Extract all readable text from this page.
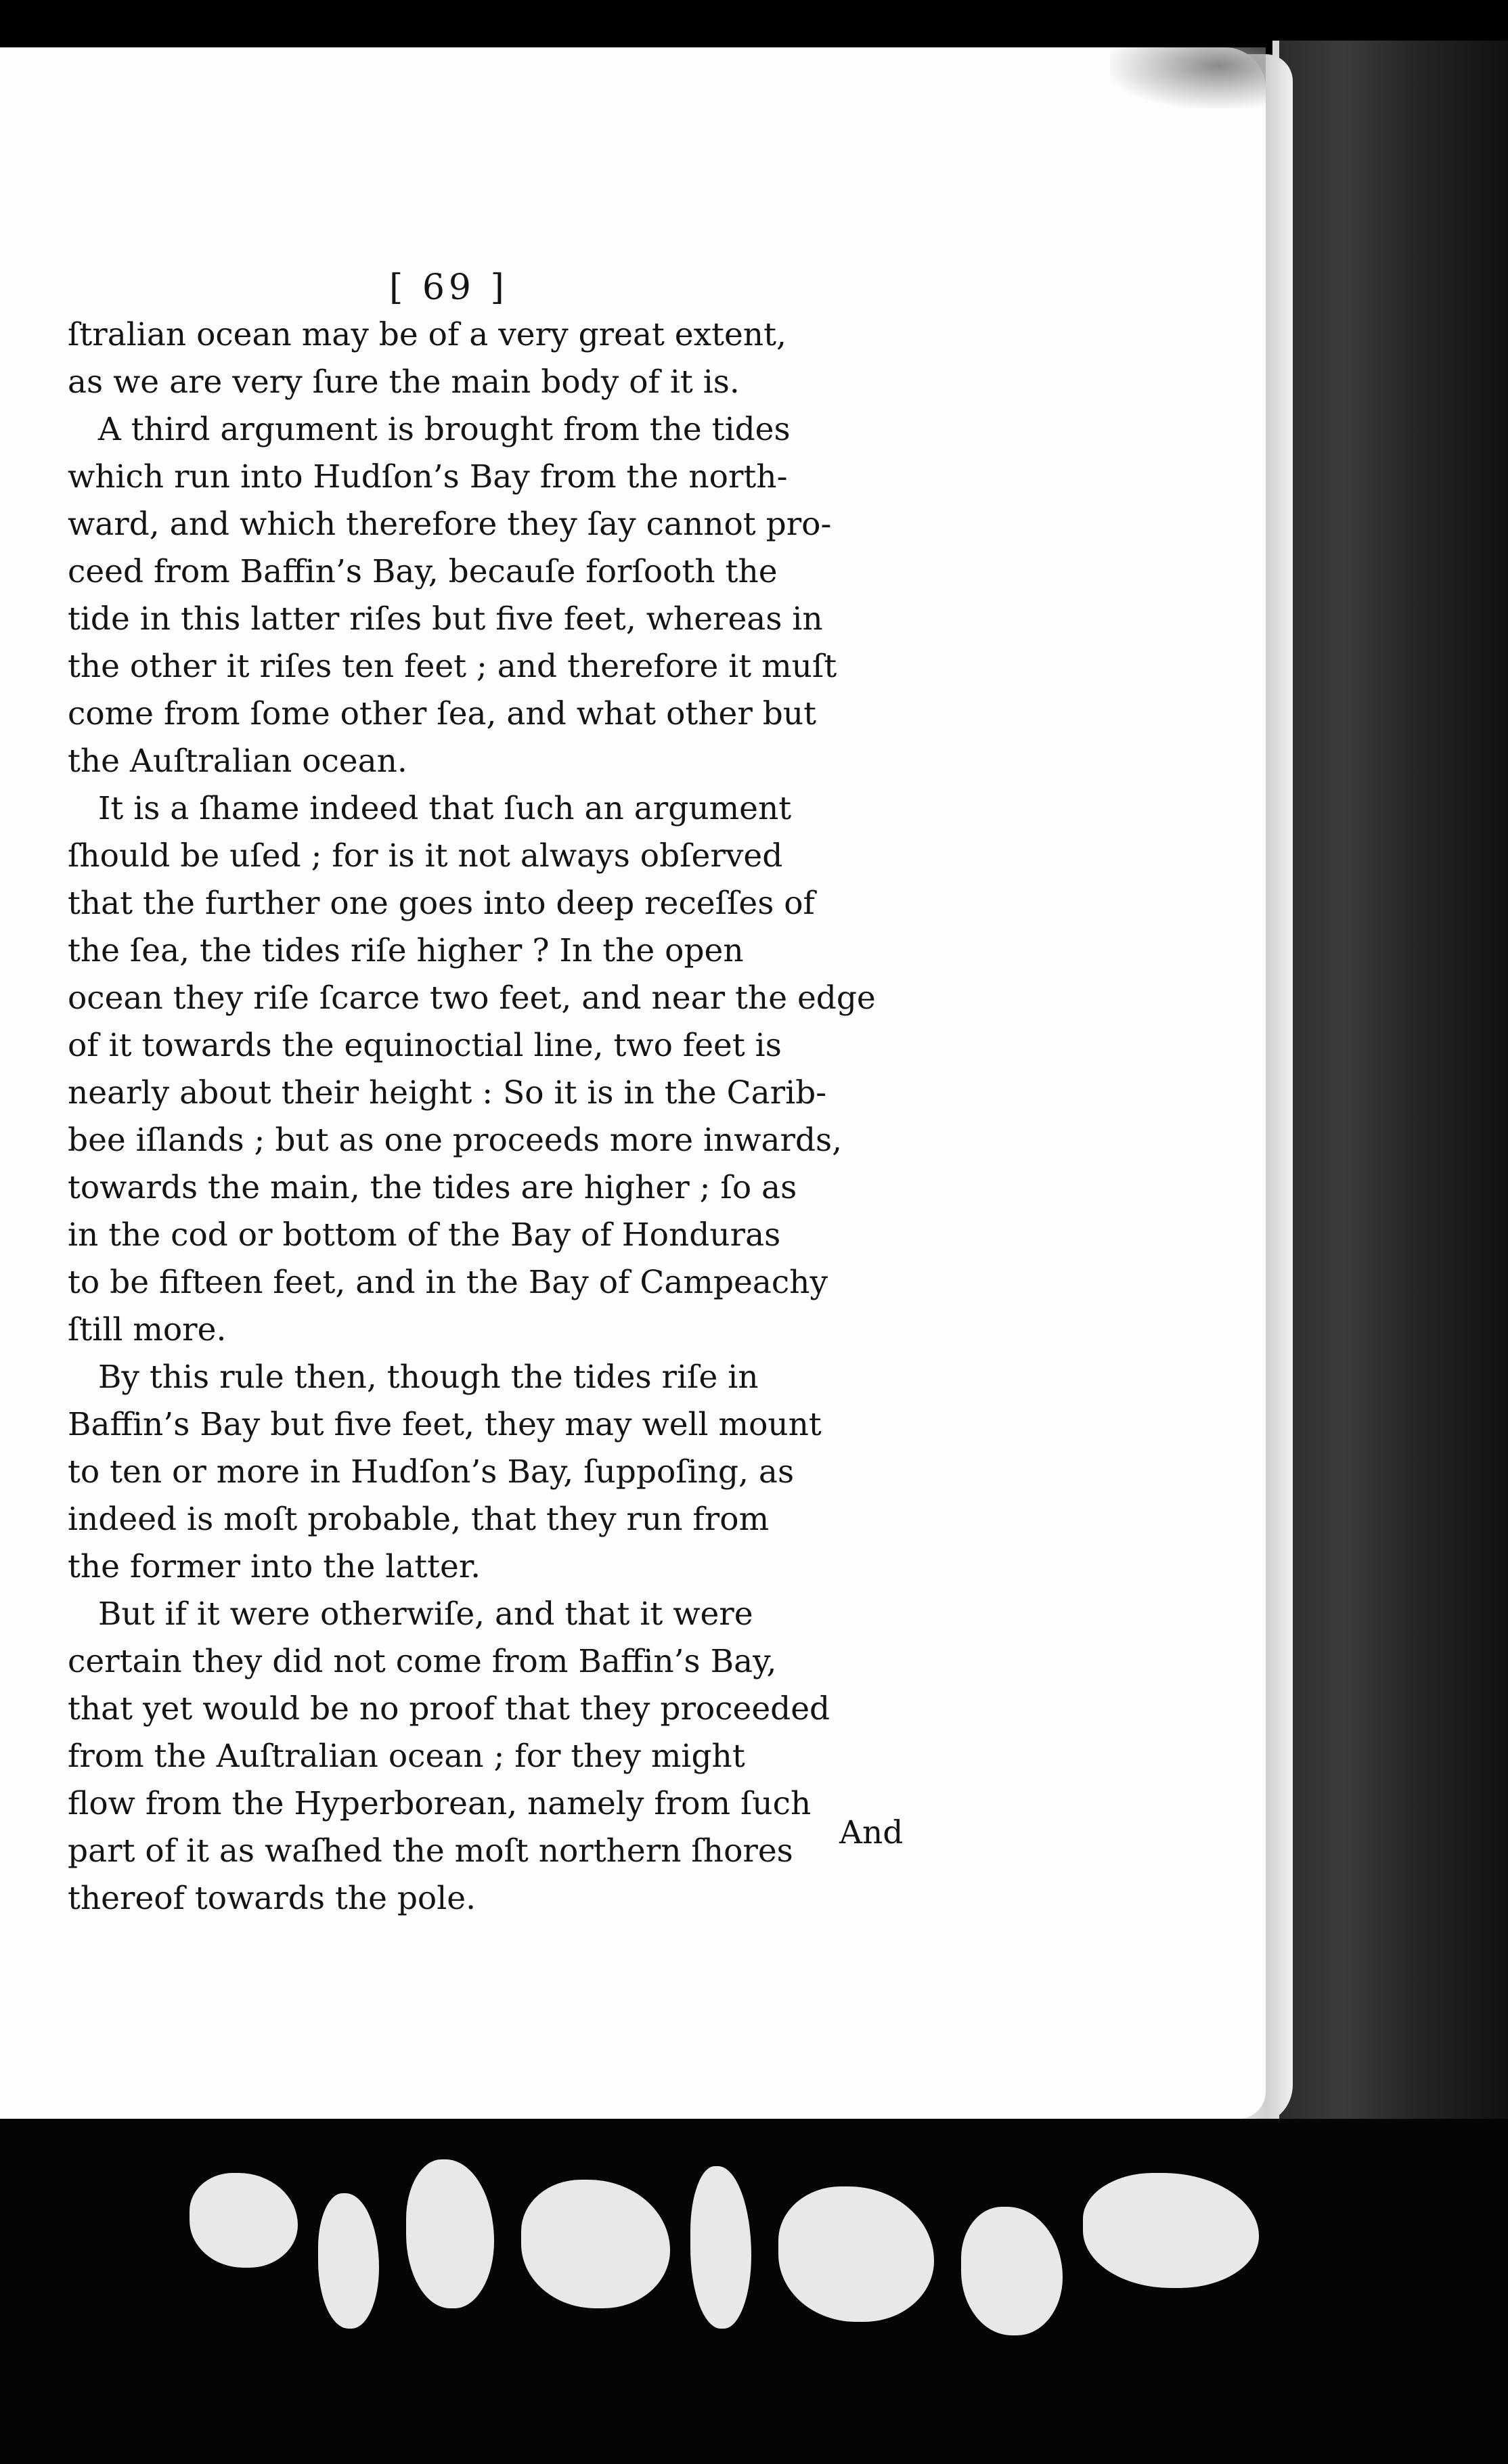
[ 69 ]
ſtralian ocean may be of a very great extent,
as we are very ſure the main body of it is.
A third argument is brought from the tides
which run into Hudſon’s Bay from the north-
ward, and which therefore they ſay cannot pro-
ceed from Baffin’s Bay, becauſe forſooth the
tide in this latter riſes but five feet, whereas in
the other it riſes ten feet ; and therefore it muſt
come from ſome other ſea, and what other but
the Auſtralian ocean.
It is a ſhame indeed that ſuch an argument
ſhould be uſed ; for is it not always obſerved
that the further one goes into deep receſſes of
the ſea, the tides riſe higher ? In the open
ocean they riſe ſcarce two feet, and near the edge
of it towards the equinoctial line, two feet is
nearly about their height : So it is in the Carib-
bee iſlands ; but as one proceeds more inwards,
towards the main, the tides are higher ; ſo as
in the cod or bottom of the Bay of Honduras
to be fifteen feet, and in the Bay of Campeachy
ſtill more.
By this rule then, though the tides riſe in
Baffin’s Bay but five feet, they may well mount
to ten or more in Hudſon’s Bay, ſuppoſing, as
indeed is moſt probable, that they run from
the former into the latter.
But if it were otherwiſe, and that it were
certain they did not come from Baffin’s Bay,
that yet would be no proof that they proceeded
from the Auſtralian ocean ; for they might
flow from the Hyperborean, namely from ſuch
part of it as waſhed the moſt northern ſhores
thereof towards the pole.
And
